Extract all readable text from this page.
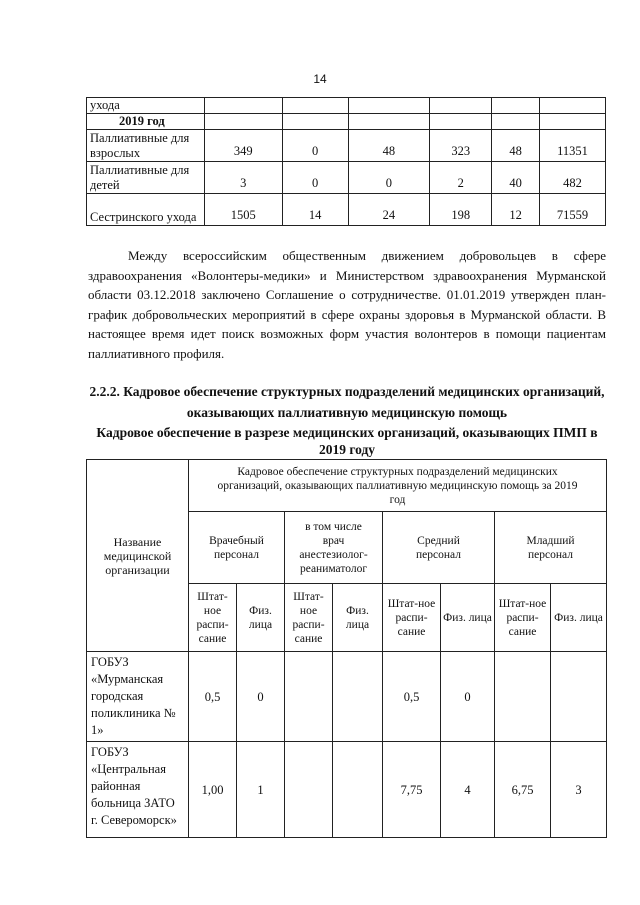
14
ухода						
2019 год						
Паллиативные для взрослых	349	0	48	323	48	11351
Паллиативные для детей	3	0	0	2	40	482
Сестринского ухода	1505	14	24	198	12	71559

Между всероссийским общественным движением добровольцев в сфере здравоохранения «Волонтеры-медики» и Министерством здравоохранения Мурманской области 03.12.2018 заключено Соглашение о сотрудничестве. 01.01.2019 утвержден план-график добровольческих мероприятий в сфере охраны здоровья в Мурманской области. В настоящее время идет поиск возможных форм участия волонтеров в помощи пациентам паллиативного профиля.

2.2.2. Кадровое обеспечение структурных подразделений медицинских организаций, оказывающих паллиативную медицинскую помощь

Кадровое обеспечение в разрезе медицинских организаций, оказывающих ПМП в 2019 году

Название медицинской организации	Кадровое обеспечение структурных подразделений медицинских организаций, оказывающих паллиативную медицинскую помощь за 2019 год							
	Врачебный персонал		в том числе врач анестезиолог-реаниматолог		Средний персонал		Младший персонал	
	Штат-ное распи-сание	Физ. лица	Штат-ное распи-сание	Физ. лица	Штат-ное распи-сание	Физ. лица	Штат-ное распи-сание	Физ. лица
ГОБУЗ «Мурманская городская поликлиника № 1»	0,5	0			0,5	0		
ГОБУЗ «Центральная районная больница ЗАТО г. Североморск»	1,00	1			7,75	4	6,75	3
